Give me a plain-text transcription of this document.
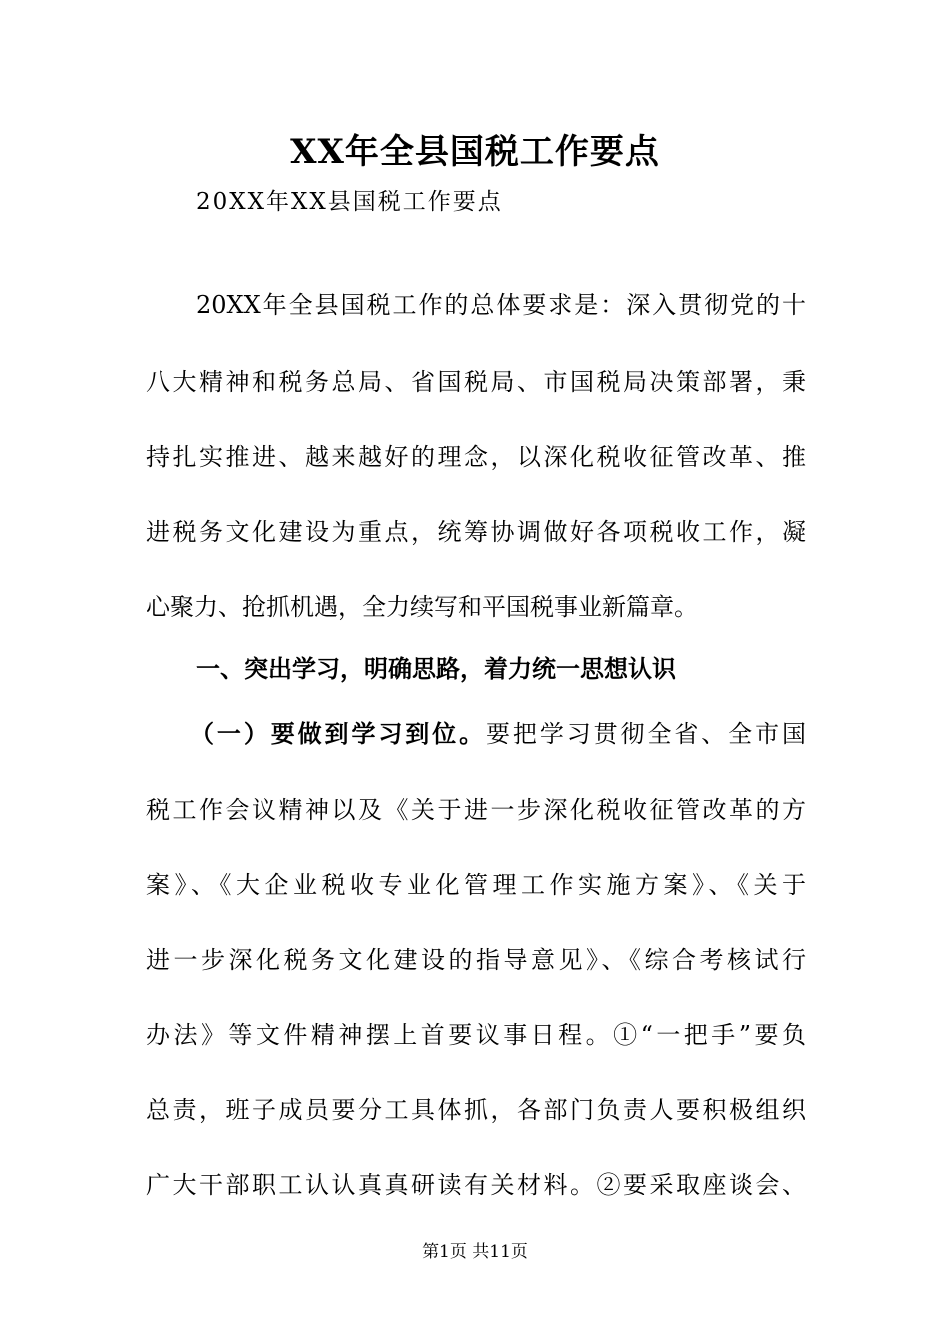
XX年全县国税工作要点
20XX年XX县国税工作要点
20XX年全县国税工作的总体要求是：深入贯彻党的十
八大精神和税务总局、省国税局、市国税局决策部署，秉
持扎实推进、越来越好的理念，以深化税收征管改革、推
进税务文化建设为重点，统筹协调做好各项税收工作，凝
心聚力、抢抓机遇，全力续写和平国税事业新篇章。
一、突出学习，明确思路，着力统一思想认识
（一）要做到学习到位。要把学习贯彻全省、全市国
税工作会议精神以及《关于进一步深化税收征管改革的方
案》、《大企业税收专业化管理工作实施方案》、《关于
进一步深化税务文化建设的指导意见》、《综合考核试行
办法》等文件精神摆上首要议事日程。①“一把手”要负
总责，班子成员要分工具体抓，各部门负责人要积极组织
广大干部职工认认真真研读有关材料。②要采取座谈会、
第1页 共11页
